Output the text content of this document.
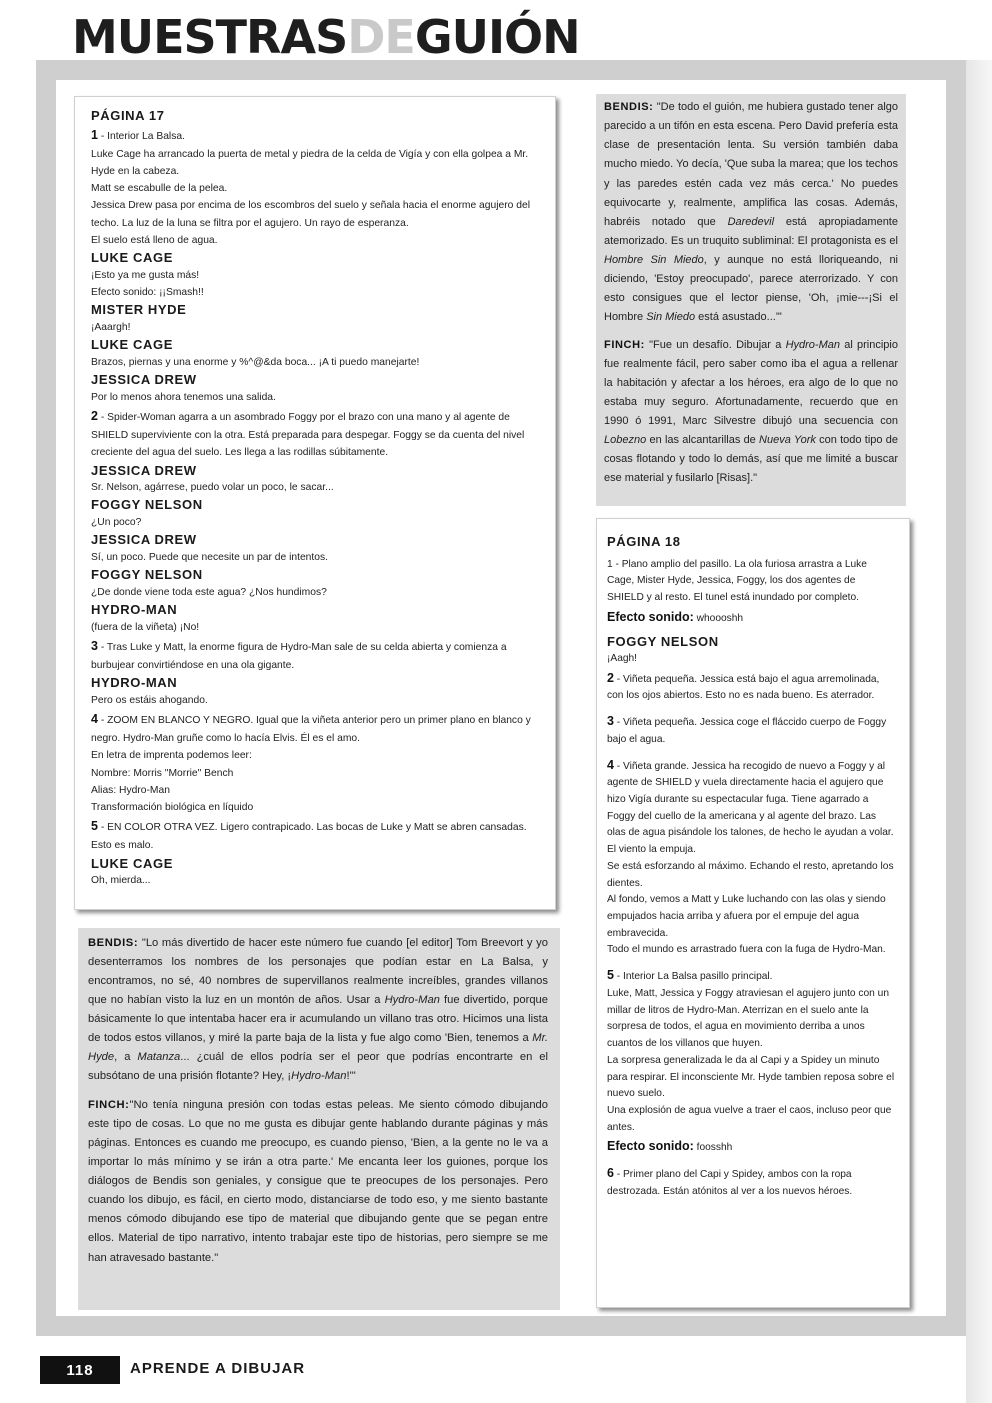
MUESTRASDEGUIÓN

PÁGINA 17

1 - Interior La Balsa.

Luke Cage ha arrancado la puerta de metal y piedra de la celda de Vigía y con ella golpea a Mr. Hyde en la cabeza.

Matt se escabulle de la pelea.

Jessica Drew pasa por encima de los escombros del suelo y señala hacia el enorme agujero del techo. La luz de la luna se filtra por el agujero. Un rayo de esperanza.

El suelo está lleno de agua.

LUKE CAGE

¡Esto ya me gusta más!

Efecto sonido: ¡¡Smash!!

MISTER HYDE

¡Aaargh!

LUKE CAGE

Brazos, piernas y una enorme y %^@&da boca... ¡A ti puedo manejarte!

JESSICA DREW

Por lo menos ahora tenemos una salida.

2 - Spider-Woman agarra a un asombrado Foggy por el brazo con una mano y al agente de SHIELD superviviente con la otra. Está preparada para despegar. Foggy se da cuenta del nivel creciente del agua del suelo. Les llega a las rodillas súbitamente.

JESSICA DREW

Sr. Nelson, agárrese, puedo volar un poco, le sacar...

FOGGY NELSON

¿Un poco?

JESSICA DREW

Sí, un poco. Puede que necesite un par de intentos.

FOGGY NELSON

¿De donde viene toda este agua? ¿Nos hundimos?

HYDRO-MAN

(fuera de la viñeta) ¡No!

3 - Tras Luke y Matt, la enorme figura de Hydro-Man sale de su celda abierta y comienza a burbujear convirtiéndose en una ola gigante.

HYDRO-MAN

Pero os estáis ahogando.

4 - ZOOM EN BLANCO Y NEGRO. Igual que la viñeta anterior pero un primer plano en blanco y negro. Hydro-Man gruñe como lo hacía Elvis. Él es el amo.

En letra de imprenta podemos leer:

Nombre: Morris "Morrie" Bench

Alias: Hydro-Man

Transformación biológica en líquido

5 - EN COLOR OTRA VEZ. Ligero contrapicado. Las bocas de Luke y Matt se abren cansadas. Esto es malo.

LUKE CAGE

Oh, mierda...

BENDIS: "Lo más divertido de hacer este número fue cuando [el editor] Tom Breevort y yo desenterramos los nombres de los personajes que podían estar en La Balsa, y encontramos, no sé, 40 nombres de supervillanos realmente increíbles, grandes villanos que no habían visto la luz en un montón de años. Usar a Hydro-Man fue divertido, porque básicamente lo que intentaba hacer era ir acumulando un villano tras otro. Hicimos una lista de todos estos villanos, y miré la parte baja de la lista y fue algo como 'Bien, tenemos a Mr. Hyde, a Matanza... ¿cuál de ellos podría ser el peor que podrías encontrarte en el subsótano de una prisión flotante? Hey, ¡Hydro-Man!'"

FINCH:"No tenía ninguna presión con todas estas peleas. Me siento cómodo dibujando este tipo de cosas. Lo que no me gusta es dibujar gente hablando durante páginas y más páginas. Entonces es cuando me preocupo, es cuando pienso, 'Bien, a la gente no le va a importar lo más mínimo y se irán a otra parte.' Me encanta leer los guiones, porque los diálogos de Bendis son geniales, y consigue que te preocupes de los personajes. Pero cuando los dibujo, es fácil, en cierto modo, distanciarse de todo eso, y me siento bastante menos cómodo dibujando ese tipo de material que dibujando gente que se pegan entre ellos. Material de tipo narrativo, intento trabajar este tipo de historias, pero siempre se me han atravesado bastante."

BENDIS: "De todo el guión, me hubiera gustado tener algo parecido a un tifón en esta escena. Pero David prefería esta clase de presentación lenta. Su versión también daba mucho miedo. Yo decía, 'Que suba la marea; que los techos y las paredes estén cada vez más cerca.' No puedes equivocarte y, realmente, amplifica las cosas. Además, habréis notado que Daredevil está apropiadamente atemorizado. Es un truquito subliminal: El protagonista es el Hombre Sin Miedo, y aunque no está lloriqueando, ni diciendo, 'Estoy preocupado', parece aterrorizado. Y con esto consigues que el lector piense, 'Oh, ¡mie---¡Si el Hombre Sin Miedo está asustado...'"

FINCH: "Fue un desafío. Dibujar a Hydro-Man al principio fue realmente fácil, pero saber como iba el agua a rellenar la habitación y afectar a los héroes, era algo de lo que no estaba muy seguro. Afortunadamente, recuerdo que en 1990 ó 1991, Marc Silvestre dibujó una secuencia con Lobezno en las alcantarillas de Nueva York con todo tipo de cosas flotando y todo lo demás, así que me limité a buscar ese material y fusilarlo [Risas]."

PÁGINA 18

1 - Plano amplio del pasillo. La ola furiosa arrastra a Luke Cage, Mister Hyde, Jessica, Foggy, los dos agentes de SHIELD y al resto. El tunel está inundado por completo.

Efecto sonido: whoooshh

FOGGY NELSON

¡Aagh!

2 - Viñeta pequeña. Jessica está bajo el agua arremolinada, con los ojos abiertos. Esto no es nada bueno. Es aterrador.

3 - Viñeta pequeña. Jessica coge el fláccido cuerpo de Foggy bajo el agua.

4 - Viñeta grande. Jessica ha recogido de nuevo a Foggy y al agente de SHIELD y vuela directamente hacia el agujero que hizo Vigía durante su espectacular fuga. Tiene agarrado a Foggy del cuello de la americana y al agente del brazo. Las olas de agua pisándole los talones, de hecho le ayudan a volar. El viento la empuja.

Se está esforzando al máximo. Echando el resto, apretando los dientes.

Al fondo, vemos a Matt y Luke luchando con las olas y siendo empujados hacia arriba y afuera por el empuje del agua embravecida.

Todo el mundo es arrastrado fuera con la fuga de Hydro-Man.

5 - Interior La Balsa pasillo principal.

Luke, Matt, Jessica y Foggy atraviesan el agujero junto con un millar de litros de Hydro-Man. Aterrizan en el suelo ante la sorpresa de todos, el agua en movimiento derriba a unos cuantos de los villanos que huyen.

La sorpresa generalizada le da al Capi y a Spidey un minuto para respirar. El inconsciente Mr. Hyde tambien reposa sobre el nuevo suelo.

Una explosión de agua vuelve a traer el caos, incluso peor que antes.

Efecto sonido: foosshh

6 - Primer plano del Capi y Spidey, ambos con la ropa destrozada. Están atónitos al ver a los nuevos héroes.

118	APRENDE A DIBUJAR
